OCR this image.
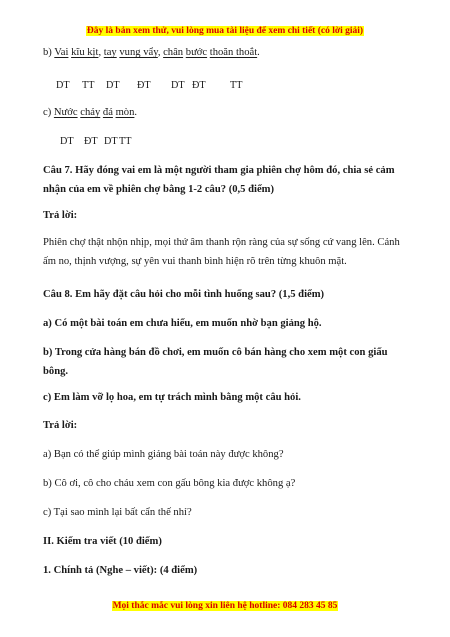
Đây là bản xem thử, vui lòng mua tài liệu để xem chi tiết (có lời giải)
b) Vai kĩu kịt, tay vung vẩy, chân bước thoăn thoắt.
DT TT DT ĐT DT ĐT TT
c) Nước chảy đá mòn.
DT ĐT DT TT
Câu 7. Hãy đóng vai em là một người tham gia phiên chợ hôm đó, chia sẻ cảm nhận của em về phiên chợ bằng 1-2 câu? (0,5 điểm)
Trả lời:
Phiên chợ thật nhộn nhịp, mọi thứ âm thanh rộn ràng của sự sống cứ vang lên. Cảnh ấm no, thịnh vượng, sự yên vui thanh bình hiện rõ trên từng khuôn mặt.
Câu 8. Em hãy đặt câu hỏi cho mỗi tình huống sau? (1,5 điểm)
a) Có một bài toán em chưa hiểu, em muốn nhờ bạn giảng hộ.
b) Trong cửa hàng bán đồ chơi, em muốn cô bán hàng cho xem một con giấu bông.
c) Em làm vỡ lọ hoa, em tự trách mình bằng một câu hỏi.
Trả lời:
a) Bạn có thể giúp mình giảng bài toán này được không?
b) Cô ơi, cô cho cháu xem con gấu bông kia được không ạ?
c) Tại sao mình lại bất cẩn thế nhỉ?
II. Kiểm tra viết (10 điểm)
1. Chính tả (Nghe – viết): (4 điểm)
Mọi thắc mắc vui lòng xin liên hệ hotline: 084 283 45 85
